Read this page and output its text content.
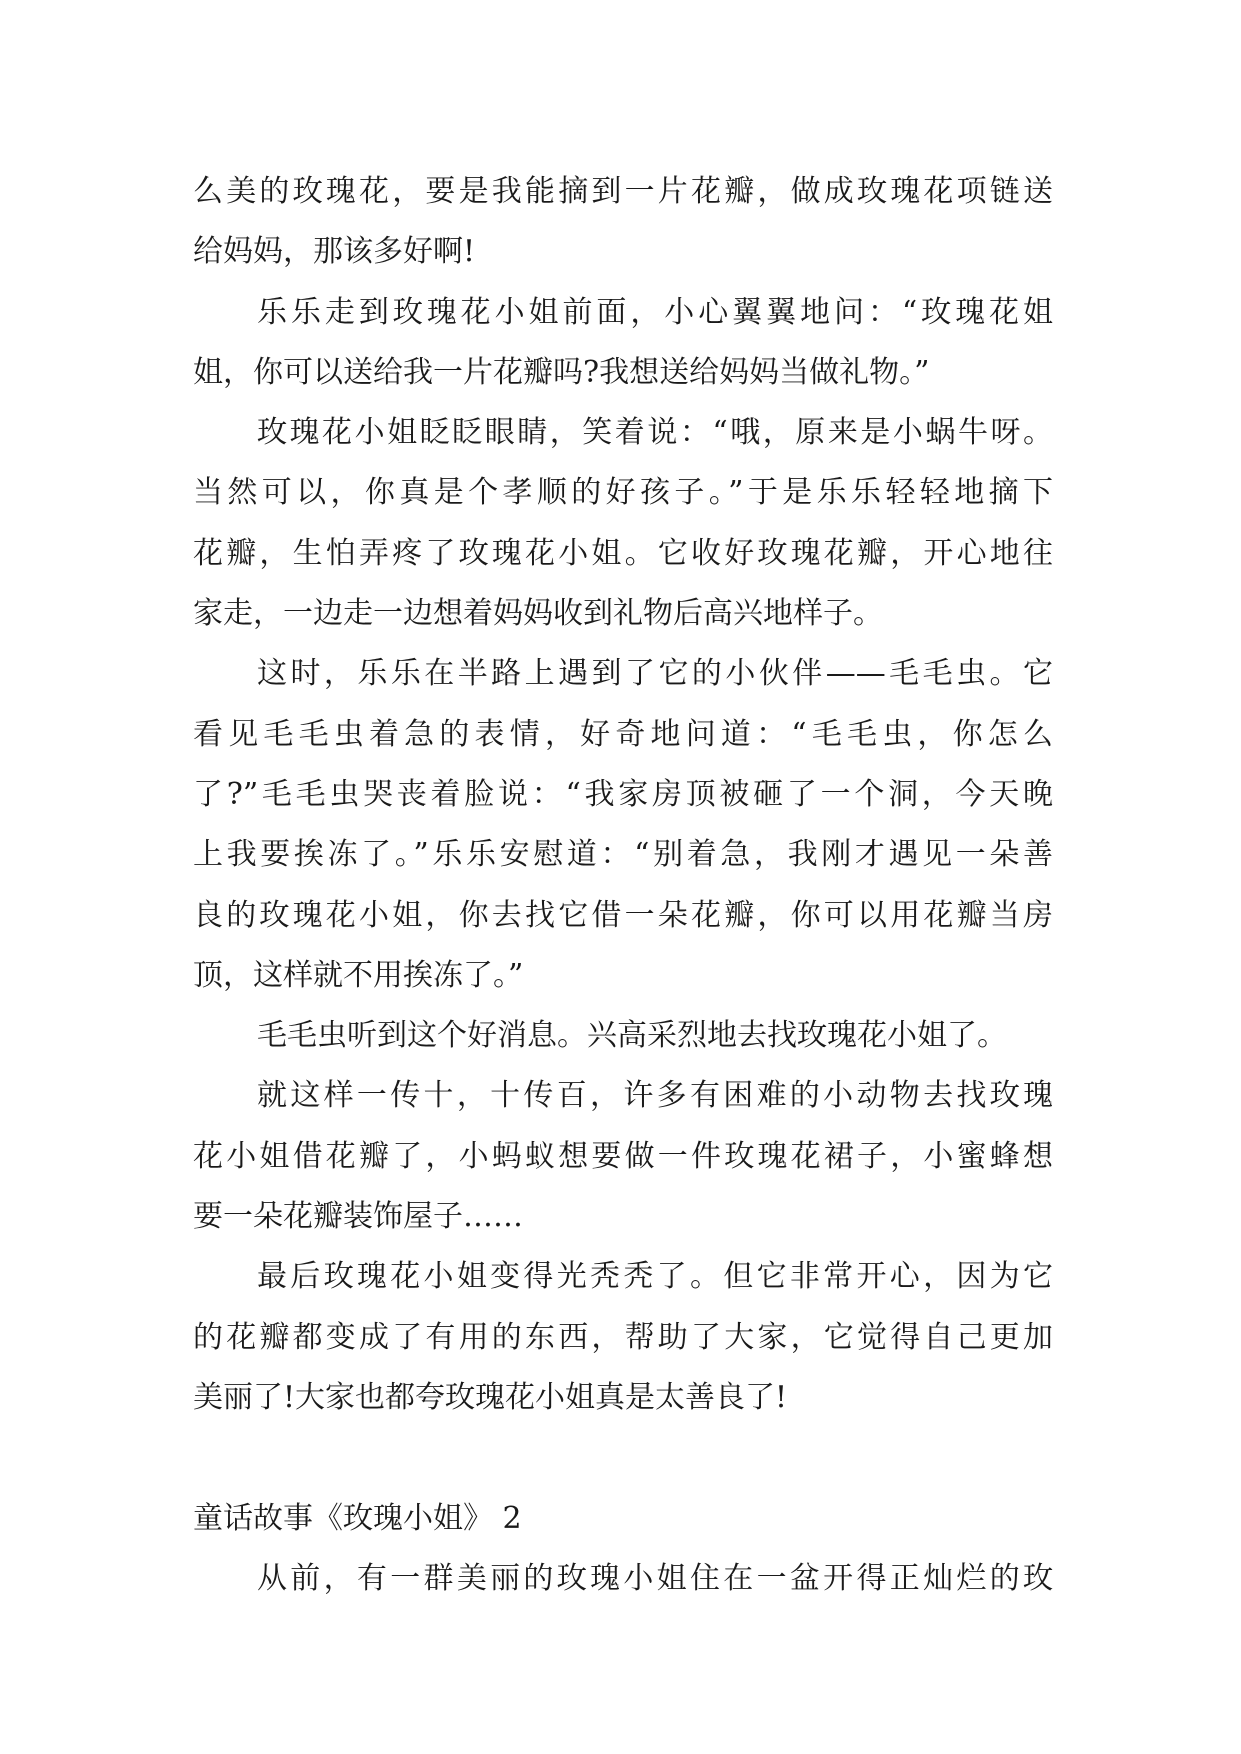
么美的玫瑰花，要是我能摘到一片花瓣，做成玫瑰花项链送
给妈妈，那该多好啊!
乐乐走到玫瑰花小姐前面，小心翼翼地问：“玫瑰花姐
姐，你可以送给我一片花瓣吗?我想送给妈妈当做礼物。”
玫瑰花小姐眨眨眼睛，笑着说：“哦，原来是小蜗牛呀。
当然可以，你真是个孝顺的好孩子。”于是乐乐轻轻地摘下
花瓣，生怕弄疼了玫瑰花小姐。它收好玫瑰花瓣，开心地往
家走，一边走一边想着妈妈收到礼物后高兴地样子。
这时，乐乐在半路上遇到了它的小伙伴——毛毛虫。它
看见毛毛虫着急的表情，好奇地问道：“毛毛虫，你怎么
了?”毛毛虫哭丧着脸说：“我家房顶被砸了一个洞，今天晚
上我要挨冻了。”乐乐安慰道：“别着急，我刚才遇见一朵善
良的玫瑰花小姐，你去找它借一朵花瓣，你可以用花瓣当房
顶，这样就不用挨冻了。”
毛毛虫听到这个好消息。兴高采烈地去找玫瑰花小姐了。
就这样一传十，十传百，许多有困难的小动物去找玫瑰
花小姐借花瓣了，小蚂蚁想要做一件玫瑰花裙子，小蜜蜂想
要一朵花瓣装饰屋子……
最后玫瑰花小姐变得光秃秃了。但它非常开心，因为它
的花瓣都变成了有用的东西，帮助了大家，它觉得自己更加
美丽了!大家也都夸玫瑰花小姐真是太善良了!
童话故事《玫瑰小姐》 2
从前，有一群美丽的玫瑰小姐住在一盆开得正灿烂的玫
